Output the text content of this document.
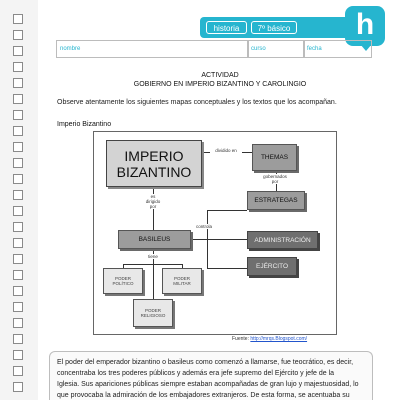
historia	7º básico	h
nombre	curso	fecha
ACTIVIDAD
GOBIERNO EN IMPERIO BIZANTINO Y CAROLINGIO
Observe atentamente los siguientes mapas conceptuales y los textos que los acompañan.
Imperio Bizantino
IMPERIO
BIZANTINO
THEMAS
ESTRATEGAS
ADMINISTRACIÓN
EJÉRCITO
BASILEUS
PODER
POLÍTICO
PODER
MILITAR
PODER
RELIGIOSO
dividido en
gobernados
por
es
dirigido
por
controla
tiene
Fuente: http://mrqs.Blogspot.com/
El poder del emperador bizantino o basileus como comenzó a llamarse, fue teocrático, es decir,
concentraba los tres poderes públicos y además era jefe supremo del Ejército y jefe de la
Iglesia. Sus apariciones públicas siempre estaban acompañadas de gran lujo y majestuosidad, lo
que provocaba la admiración de los embajadores extranjeros. De esta forma, se acentuaba su
